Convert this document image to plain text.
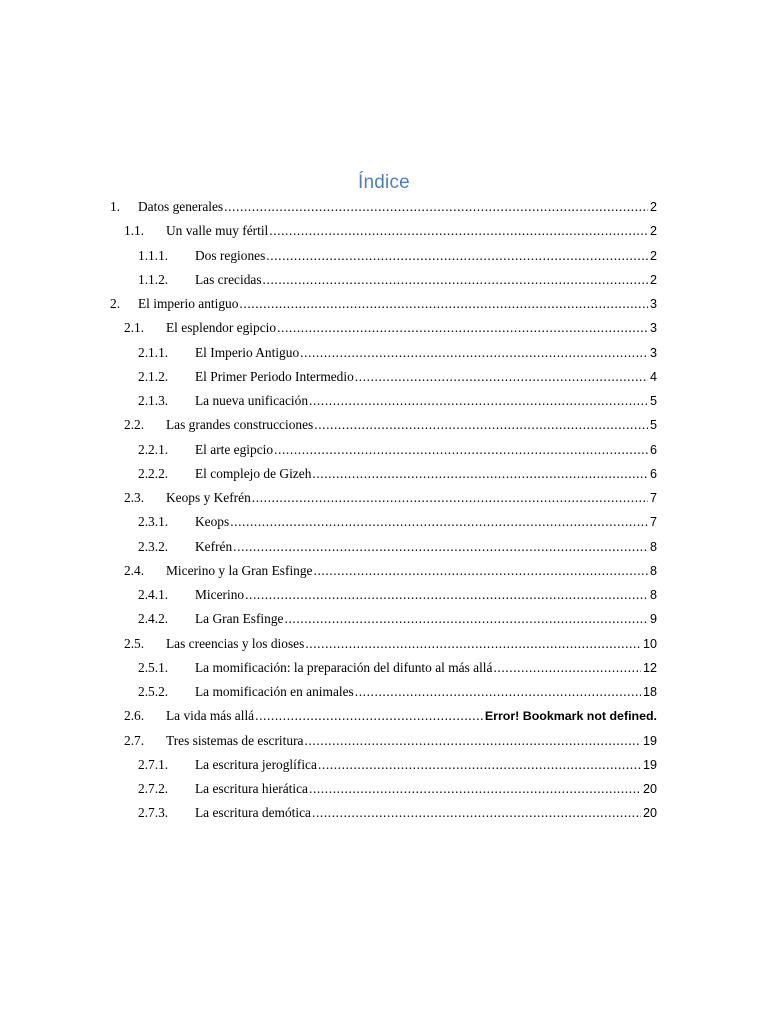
Índice
1. Datos generales .....	2
1.1. Un valle muy fértil .....	2
1.1.1. Dos regiones .....	2
1.1.2. Las crecidas .....	2
2. El imperio antiguo .....	3
2.1. El esplendor egipcio .....	3
2.1.1. El Imperio Antiguo .....	3
2.1.2. El Primer Periodo Intermedio .....	4
2.1.3. La nueva unificación .....	5
2.2. Las grandes construcciones .....	5
2.2.1. El arte egipcio .....	6
2.2.2. El complejo de Gizeh .....	6
2.3. Keops y Kefrén .....	7
2.3.1. Keops .....	7
2.3.2. Kefrén .....	8
2.4. Micerino y la Gran Esfinge .....	8
2.4.1. Micerino .....	8
2.4.2. La Gran Esfinge .....	9
2.5. Las creencias y los dioses .....	10
2.5.1. La momificación: la preparación del difunto al más allá .....	12
2.5.2. La momificación en animales .....	18
2.6. La vida más allá .....	Error! Bookmark not defined.
2.7. Tres sistemas de escritura .....	19
2.7.1. La escritura jeroglífica .....	19
2.7.2. La escritura hierática .....	20
2.7.3. La escritura demótica .....	20
